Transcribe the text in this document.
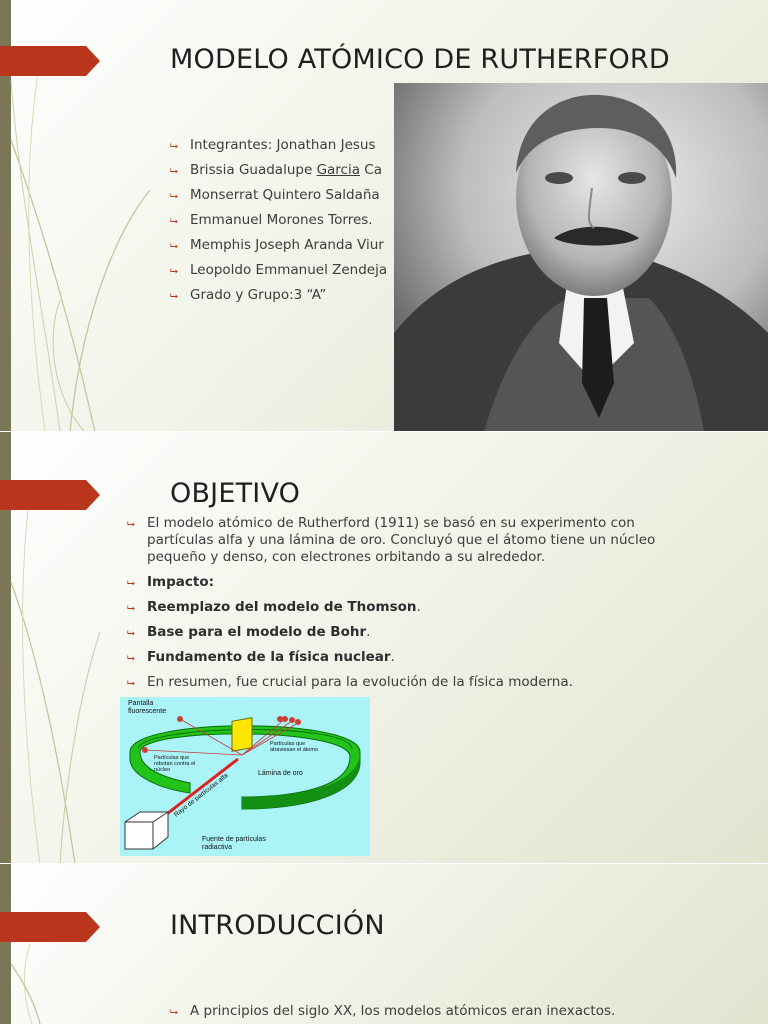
MODELO ATÓMICO DE RUTHERFORD
⮡ Integrantes: Jonathan Jesus
⮡ Brissia Guadalupe Garcia Ca
⮡ Monserrat Quintero Saldaña
⮡ Emmanuel Morones Torres.
⮡ Memphis Joseph Aranda Viur
⮡ Leopoldo Emmanuel Zendeja
⮡ Grado y Grupo:3 “A”
OBJETIVO
⮡ El modelo atómico de Rutherford (1911) se basó en su experimento con partículas alfa y una lámina de oro. Concluyó que el átomo tiene un núcleo pequeño y denso, con electrones orbitando a su alrededor.
⮡ Impacto:
⮡ Reemplazo del modelo de Thomson.
⮡ Base para el modelo de Bohr.
⮡ Fundamento de la física nuclear.
⮡ En resumen, fue crucial para la evolución de la física moderna.
Pantalla fluorescente
Partículas que atraviesan el átomo
Partículas que rebotan contra el núcleo	Lámina de oro
Rayo de partículas alfa
Fuente de partículas radiactiva
INTRODUCCIÓN
⮡ A principios del siglo XX, los modelos atómicos eran inexactos.
